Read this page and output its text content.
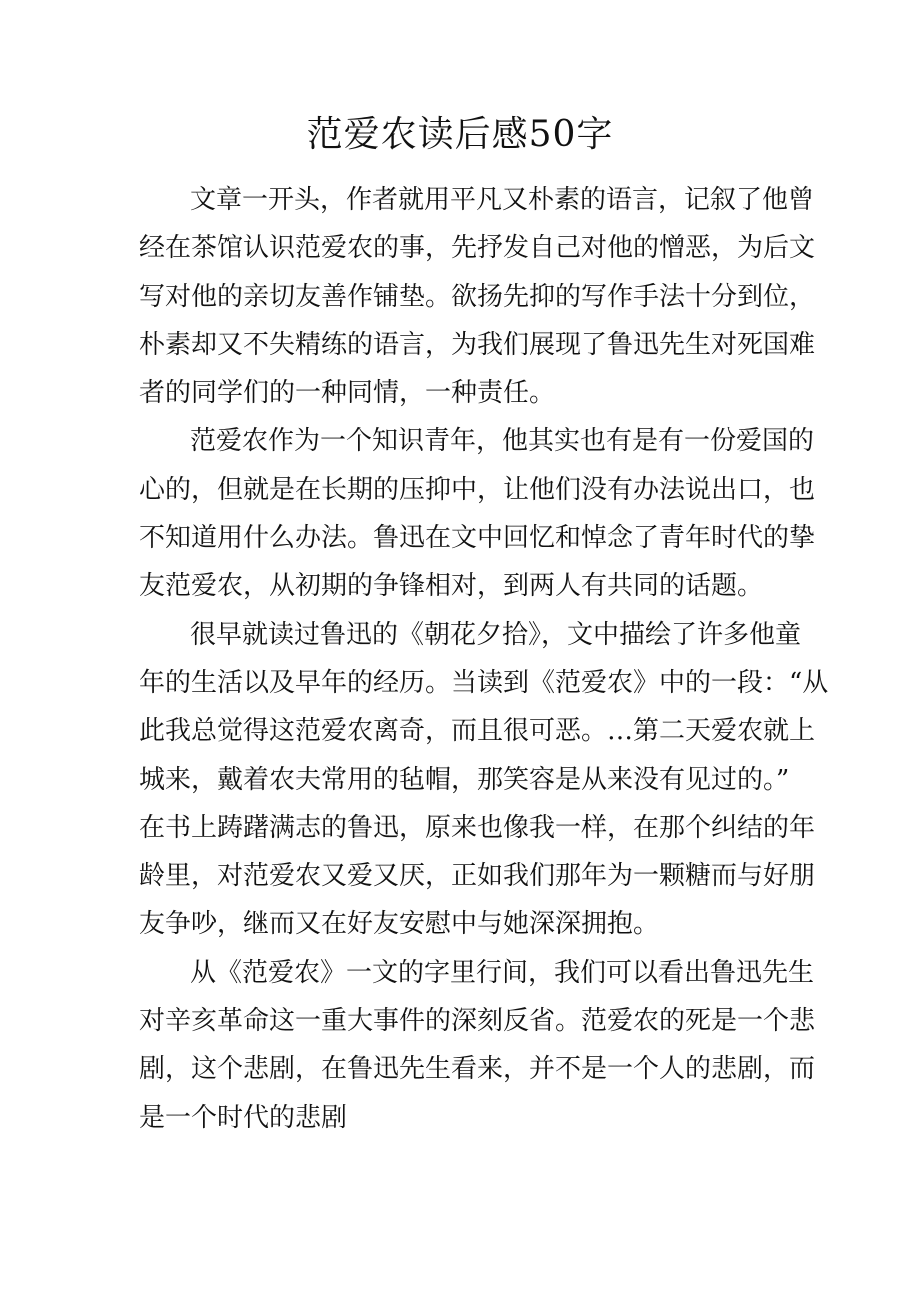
范爱农读后感50字
文章一开头，作者就用平凡又朴素的语言，记叙了他曾
经在茶馆认识范爱农的事，先抒发自己对他的憎恶，为后文
写对他的亲切友善作铺垫。欲扬先抑的写作手法十分到位，
朴素却又不失精练的语言，为我们展现了鲁迅先生对死国难
者的同学们的一种同情，一种责任。
范爱农作为一个知识青年，他其实也有是有一份爱国的
心的，但就是在长期的压抑中，让他们没有办法说出口，也
不知道用什么办法。鲁迅在文中回忆和悼念了青年时代的挚
友范爱农，从初期的争锋相对，到两人有共同的话题。
很早就读过鲁迅的《朝花夕拾》，文中描绘了许多他童
年的生活以及早年的经历。当读到《范爱农》中的一段：“从
此我总觉得这范爱农离奇，而且很可恶。…第二天爱农就上
城来，戴着农夫常用的毡帽，那笑容是从来没有见过的。”
在书上踌躇满志的鲁迅，原来也像我一样，在那个纠结的年
龄里，对范爱农又爱又厌，正如我们那年为一颗糖而与好朋
友争吵，继而又在好友安慰中与她深深拥抱。
从《范爱农》一文的字里行间，我们可以看出鲁迅先生
对辛亥革命这一重大事件的深刻反省。范爱农的死是一个悲
剧，这个悲剧，在鲁迅先生看来，并不是一个人的悲剧，而
是一个时代的悲剧
